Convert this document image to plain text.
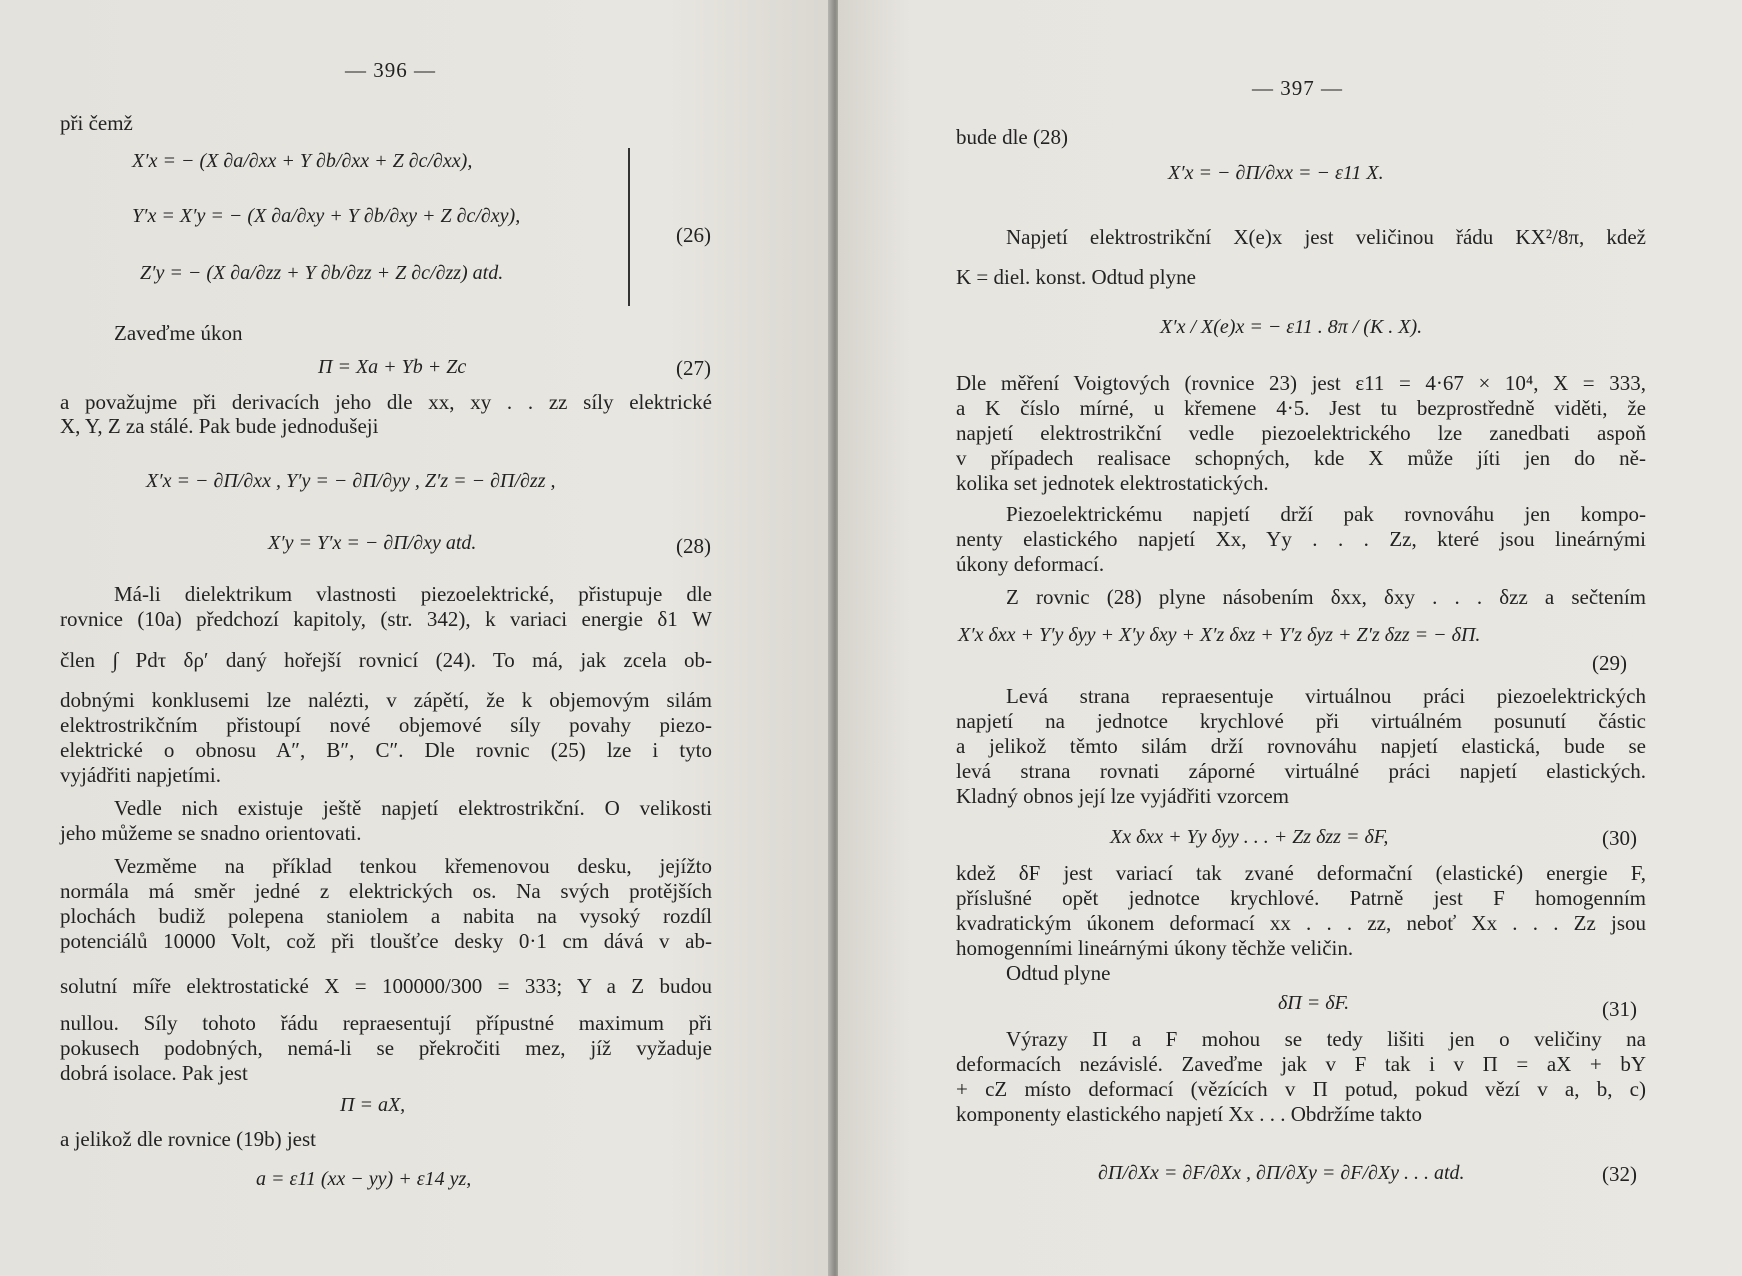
— 396 —
při čemž
X′x = − (X ∂a/∂xx + Y ∂b/∂xx + Z ∂c/∂xx),
Y′x = X′y = − (X ∂a/∂xy + Y ∂b/∂xy + Z ∂c/∂xy),
Z′y = − (X ∂a/∂zz + Y ∂b/∂zz + Z ∂c/∂zz) atd.
(26)
Zaveďme úkon
Π = Xa + Yb + Zc	(27)
a považujme při derivacích jeho dle xx, xy . . zz síly elektrické
X, Y, Z za stálé. Pak bude jednodušeji
X′x = − ∂Π/∂xx , Y′y = − ∂Π/∂yy , Z′z = − ∂Π/∂zz ,
X′y = Y′x = − ∂Π/∂xy atd.	(28)
Má-li dielektrikum vlastnosti piezoelektrické, přistupuje dle
rovnice (10a) předchozí kapitoly, (str. 342), k variaci energie δ1 W
člen ∫ Pdτ δρ′ daný hořejší rovnicí (24). To má, jak zcela ob-
dobnými konklusemi lze nalézti, v zápětí, že k objemovým silám
elektrostrikčním přistoupí nové objemové síly povahy piezo-
elektrické o obnosu A″, B″, C″. Dle rovnic (25) lze i tyto
vyjádřiti napjetími.
Vedle nich existuje ještě napjetí elektrostrikční. O velikosti
jeho můžeme se snadno orientovati.
Vezměme na příklad tenkou křemenovou desku, jejížto
normála má směr jedné z elektrických os. Na svých protějších
plochách budiž polepena staniolem a nabita na vysoký rozdíl
potenciálů 10000 Volt, což při tloušťce desky 0·1 cm dává v ab-
solutní míře elektrostatické X = 100000/300 = 333; Y a Z budou
nullou. Síly tohoto řádu repraesentují přípustné maximum při
pokusech podobných, nemá-li se překročiti mez, jíž vyžaduje
dobrá isolace. Pak jest
Π = aX,
a jelikož dle rovnice (19b) jest
a = ε11 (xx − yy) + ε14 yz,
— 397 —
bude dle (28)
X′x = − ∂Π/∂xx = − ε11 X.
Napjetí elektrostrikční X(e)x jest veličinou řádu KX²/8π, kdež
K = diel. konst. Odtud plyne
X′x / X(e)x = − ε11 . 8π / (K . X).
Dle měření Voigtových (rovnice 23) jest ε11 = 4·67 × 10⁴, X = 333,
a K číslo mírné, u křemene 4·5. Jest tu bezprostředně viděti, že
napjetí elektrostrikční vedle piezoelektrického lze zanedbati aspoň
v případech realisace schopných, kde X může jíti jen do ně-
kolika set jednotek elektrostatických.
Piezoelektrickému napjetí drží pak rovnováhu jen kompo-
nenty elastického napjetí Xx, Yy . . . Zz, které jsou lineárnými
úkony deformací.
Z rovnic (28) plyne násobením δxx, δxy . . . δzz a sečtením
X′x δxx + Y′y δyy + X′y δxy + X′z δxz + Y′z δyz + Z′z δzz = − δΠ.
(29)
Levá strana repraesentuje virtuálnou práci piezoelektrických
napjetí na jednotce krychlové při virtuálném posunutí částic
a jelikož těmto silám drží rovnováhu napjetí elastická, bude se
levá strana rovnati záporné virtuálné práci napjetí elastických.
Kladný obnos její lze vyjádřiti vzorcem
Xx δxx + Yy δyy . . . + Zz δzz = δF,	(30)
kdež δF jest variací tak zvané deformační (elastické) energie F,
příslušné opět jednotce krychlové. Patrně jest F homogenním
kvadratickým úkonem deformací xx . . . zz, neboť Xx . . . Zz jsou
homogenními lineárnými úkony těchže veličin.
Odtud plyne
δΠ = δF.	(31)
Výrazy Π a F mohou se tedy lišiti jen o veličiny na
deformacích nezávislé. Zaveďme jak v F tak i v Π = aX + bY
+ cZ místo deformací (vězících v Π potud, pokud vězí v a, b, c)
komponenty elastického napjetí Xx . . . Obdržíme takto
∂Π/∂Xx = ∂F/∂Xx , ∂Π/∂Xy = ∂F/∂Xy . . . atd.	(32)
